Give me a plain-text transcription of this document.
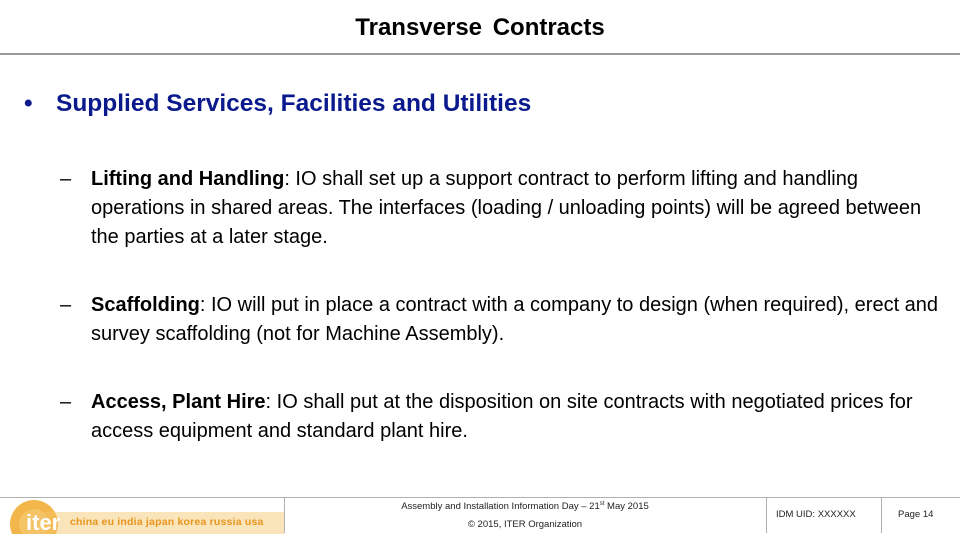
Transverse Contracts
• Supplied Services, Facilities and Utilities
– Lifting and Handling: IO shall set up a support contract to perform lifting and handling operations in shared areas. The interfaces (loading / unloading points) will be agreed between the parties at a later stage.
– Scaffolding: IO will put in place a contract with a company to design (when required), erect and survey scaffolding (not for Machine Assembly).
– Access, Plant Hire: IO shall put at the disposition on site contracts with negotiated prices for access equipment and standard plant hire.
iter china eu india japan korea russia usa
Assembly and Installation Information Day – 21st May 2015
© 2015, ITER Organization
IDM UID: XXXXXX	Page 14
